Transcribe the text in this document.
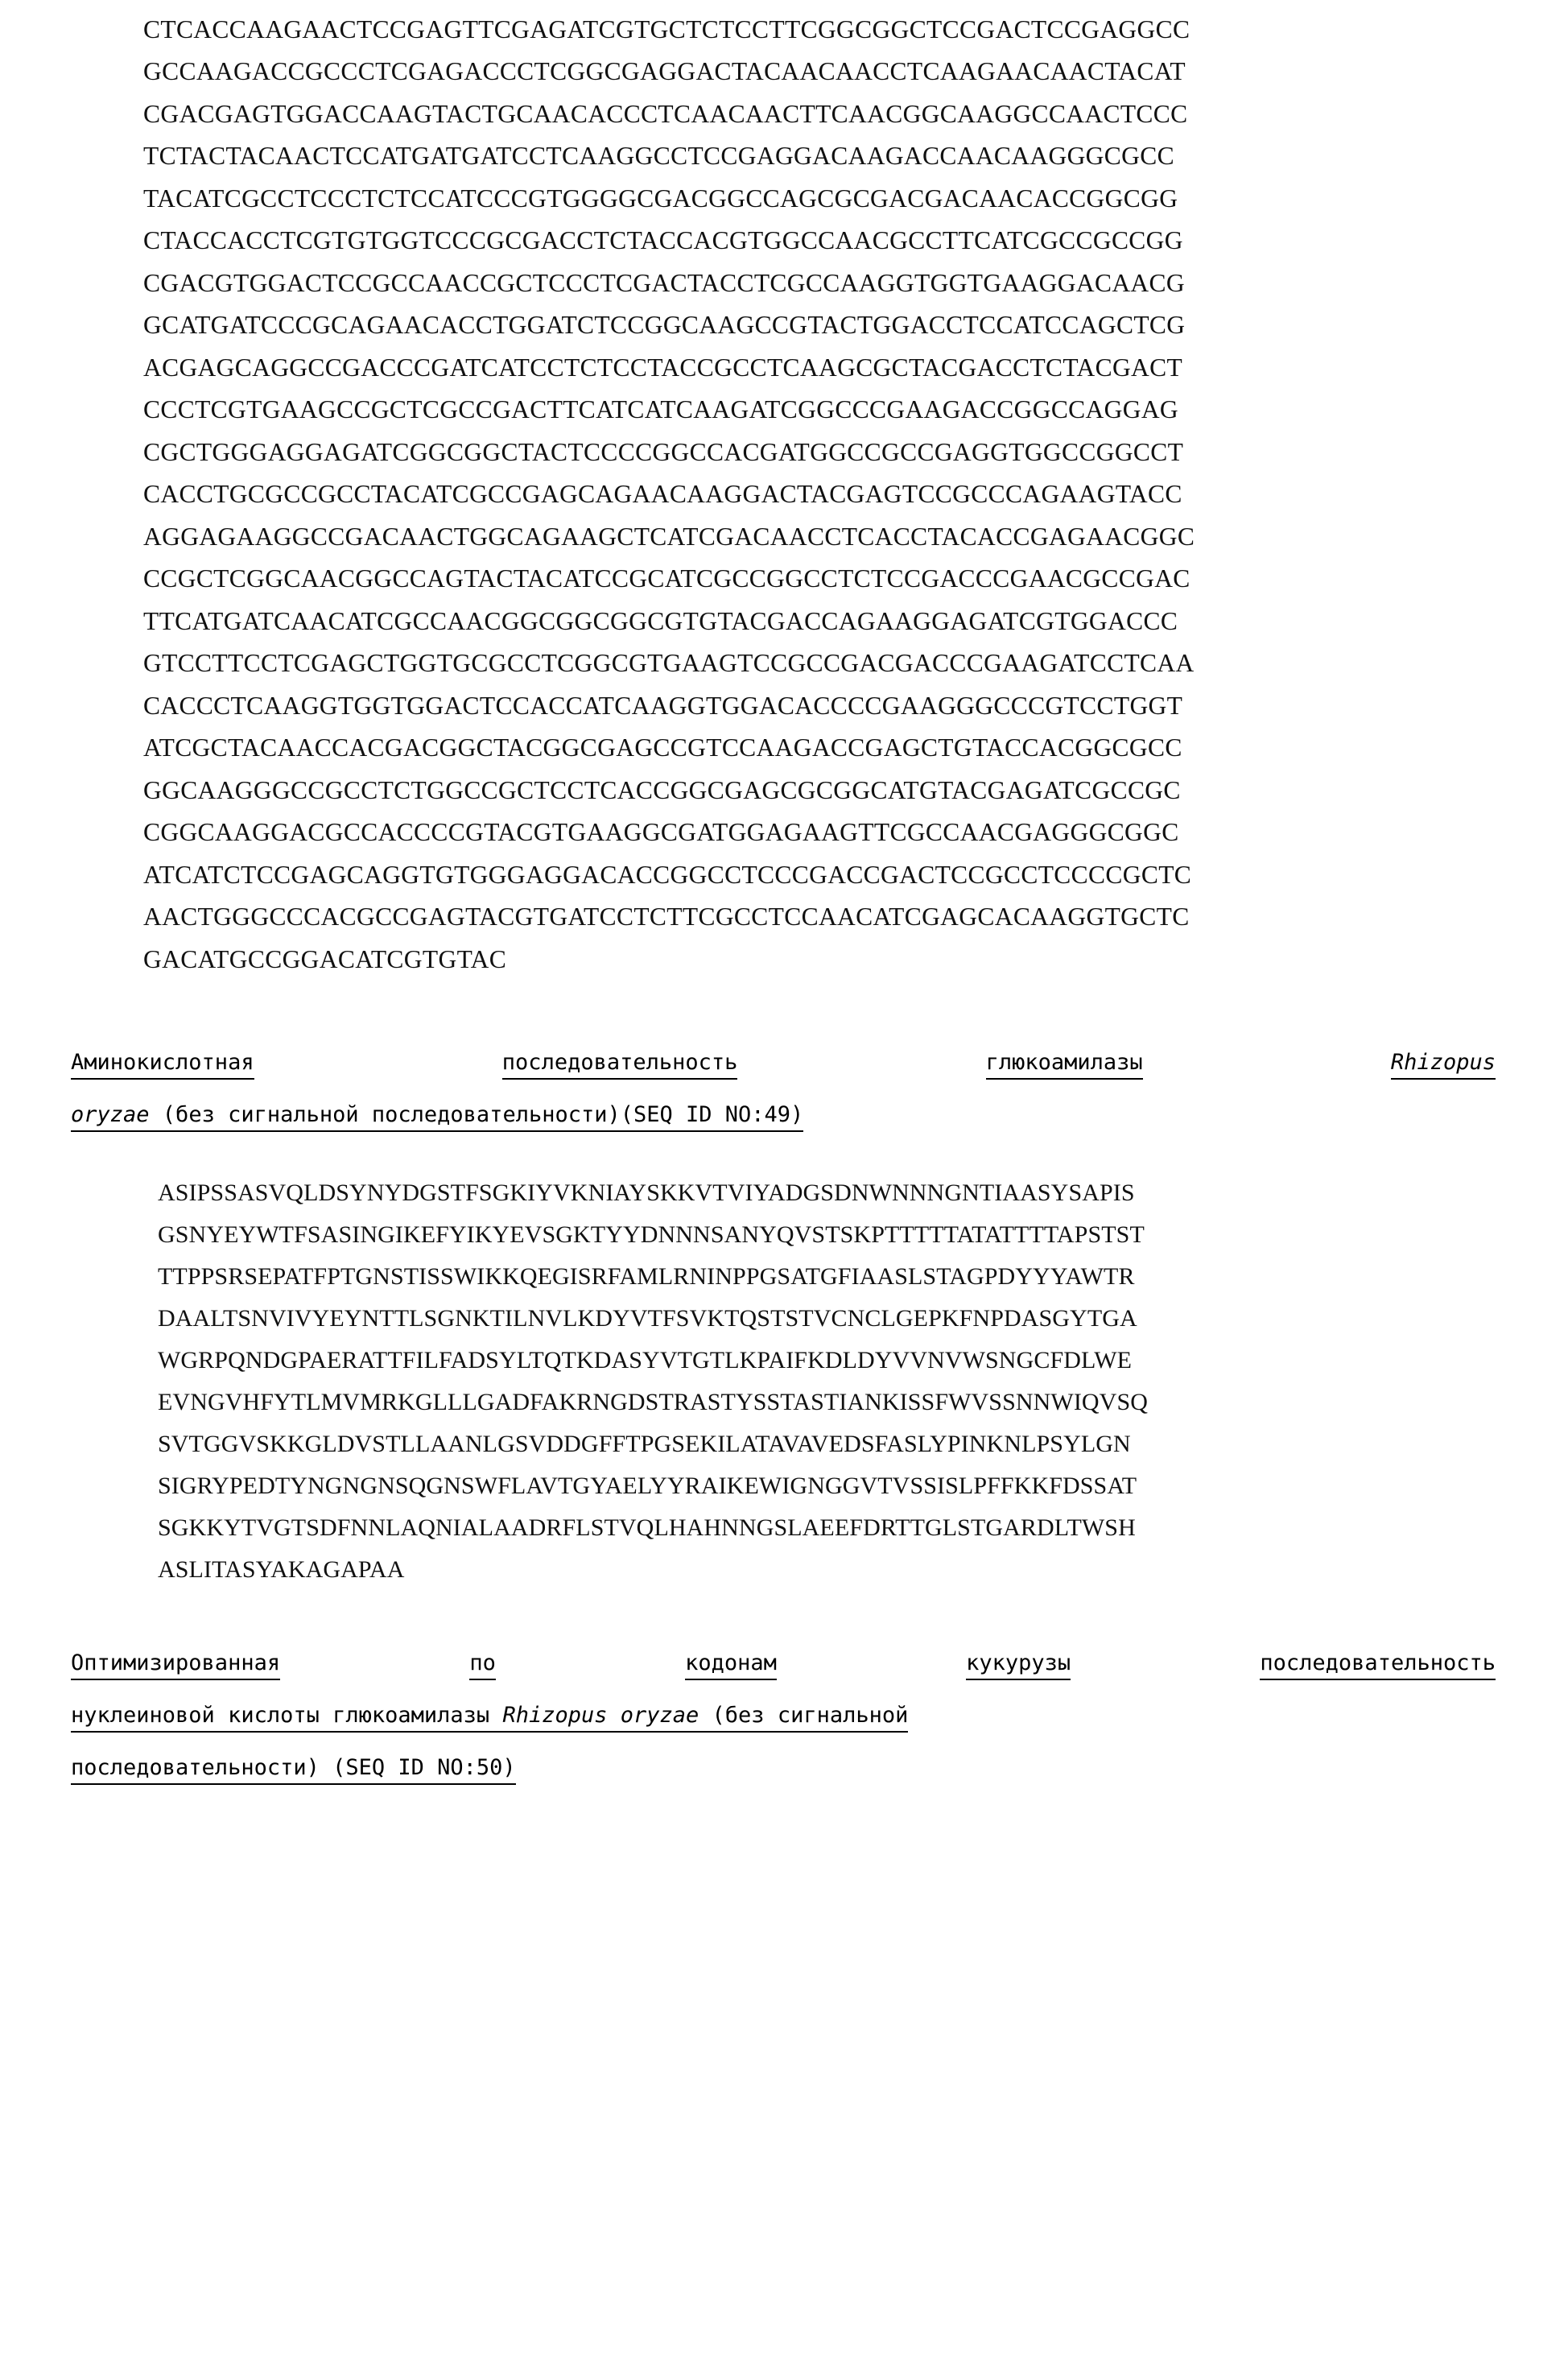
CTCACCAAGAACTCCGAGTTCGAGATCGTGCTCTCCTTCGGCGGCTCCGACTCCGAGGCC
GCCAAGACCGCCCTCGAGACCCTCGGCGAGGACTACAACAACCTCAAGAACAACTACAT
CGACGAGTGGACCAAGTACTGCAACACCCTCAACAACTTCAACGGCAAGGCCAACTCCC
TCTACTACAACTCCATGATGATCCTCAAGGCCTCCGAGGACAAGACCAACAAGGGCGCC
TACATCGCCTCCCTCTCCATCCCGTGGGGCGACGGCCAGCGCGACGACAACACCGGCGG
CTACCACCTCGTGTGGTCCCGCGACCTCTACCACGTGGCCAACGCCTTCATCGCCGCCGG
CGACGTGGACTCCGCCAACCGCTCCCTCGACTACCTCGCCAAGGTGGTGAAGGACAACG
GCATGATCCCGCAGAACACCTGGATCTCCGGCAAGCCGTACTGGACCTCCATCCAGCTCG
ACGAGCAGGCCGACCCGATCATCCTCTCCTACCGCCTCAAGCGCTACGACCTCTACGACT
CCCTCGTGAAGCCGCTCGCCGACTTCATCATCAAGATCGGCCCGAAGACCGGCCAGGAG
CGCTGGGAGGAGATCGGCGGCTACTCCCCGGCCACGATGGCCGCCGAGGTGGCCGGCCT
CACCTGCGCCGCCTACATCGCCGAGCAGAACAAGGACTACGAGTCCGCCCAGAAGTACC
AGGAGAAGGCCGACAACTGGCAGAAGCTCATCGACAACCTCACCTACACCGAGAACGGC
CCGCTCGGCAACGGCCAGTACTACATCCGCATCGCCGGCCTCTCCGACCCGAACGCCGAC
TTCATGATCAACATCGCCAACGGCGGCGGCGTGTACGACCAGAAGGAGATCGTGGACCC
GTCCTTCCTCGAGCTGGTGCGCCTCGGCGTGAAGTCCGCCGACGACCCGAAGATCCTCAA
CACCCTCAAGGTGGTGGACTCCACCATCAAGGTGGACACCCCGAAGGGCCCGTCCTGGT
ATCGCTACAACCACGACGGCTACGGCGAGCCGTCCAAGACCGAGCTGTACCACGGCGCC
GGCAAGGGCCGCCTCTGGCCGCTCCTCACCGGCGAGCGCGGCATGTACGAGATCGCCGC
CGGCAAGGACGCCACCCCGTACGTGAAGGCGATGGAGAAGTTCGCCAACGAGGGCGGC
ATCATCTCCGAGCAGGTGTGGGAGGACACCGGCCTCCCGACCGACTCCGCCTCCCCGCTC
AACTGGGCCCACGCCGAGTACGTGATCCTCTTCGCCTCCAACATCGAGCACAAGGTGCTC
GACATGCCGGACATCGTGTAC
Аминокислотная	последовательность	глюкоамилазы	Rhizopus
oryzae (без сигнальной последовательности)(SEQ ID NO:49)
ASIPSSASVQLDSYNYDGSTFSGKIYVKNIAYSKKVTVIYADGSDNWNNNGNTIAASYSAPIS
GSNYEYWTFSASINGIKEFYIKYEVSGKTYYDNNNSANYQVSTSKPTTTTTATATTTTAPSTST
TTPPSRSEPATFPTGNSTISSWIKKQEGISRFAMLRNINPPGSATGFIAASLSTAGPDYYYAWTR
DAALTSNVIVYEYNTTLSGNKTILNVLKDYVTFSVKTQSTSTVCNCLGEPKFNPDASGYTGA
WGRPQNDGPAERATTFILFADSYLTQTKDASYVTGTLKPAIFKDLDYVVNVWSNGCFDLWE
EVNGVHFYTLMVMRKGLLLGADFAKRNGDSTRASTYSSTASTIANKISSFWVSSNNWIQVSQ
SVTGGVSKKGLDVSTLLAANLGSVDDGFFTPGSEKILATAVAVEDSFASLYPINKNLPSYLGN
SIGRYPEDTYNGNGNSQGNSWFLAVTGYAELYYRAIKEWIGNGGVTVSSISLPFFKKFDSSAT
SGKKYTVGTSDFNNLAQNIALAADRFLSTVQLHAHNNGSLAEEFDRTTGLSTGARDLTWSH
ASLITASYAKAGAPAA
Оптимизированная	по	кодонам	кукурузы	последовательность
нуклеиновой кислоты глюкоамилазы Rhizopus oryzae (без сигнальной
последовательности) (SEQ ID NO:50)
